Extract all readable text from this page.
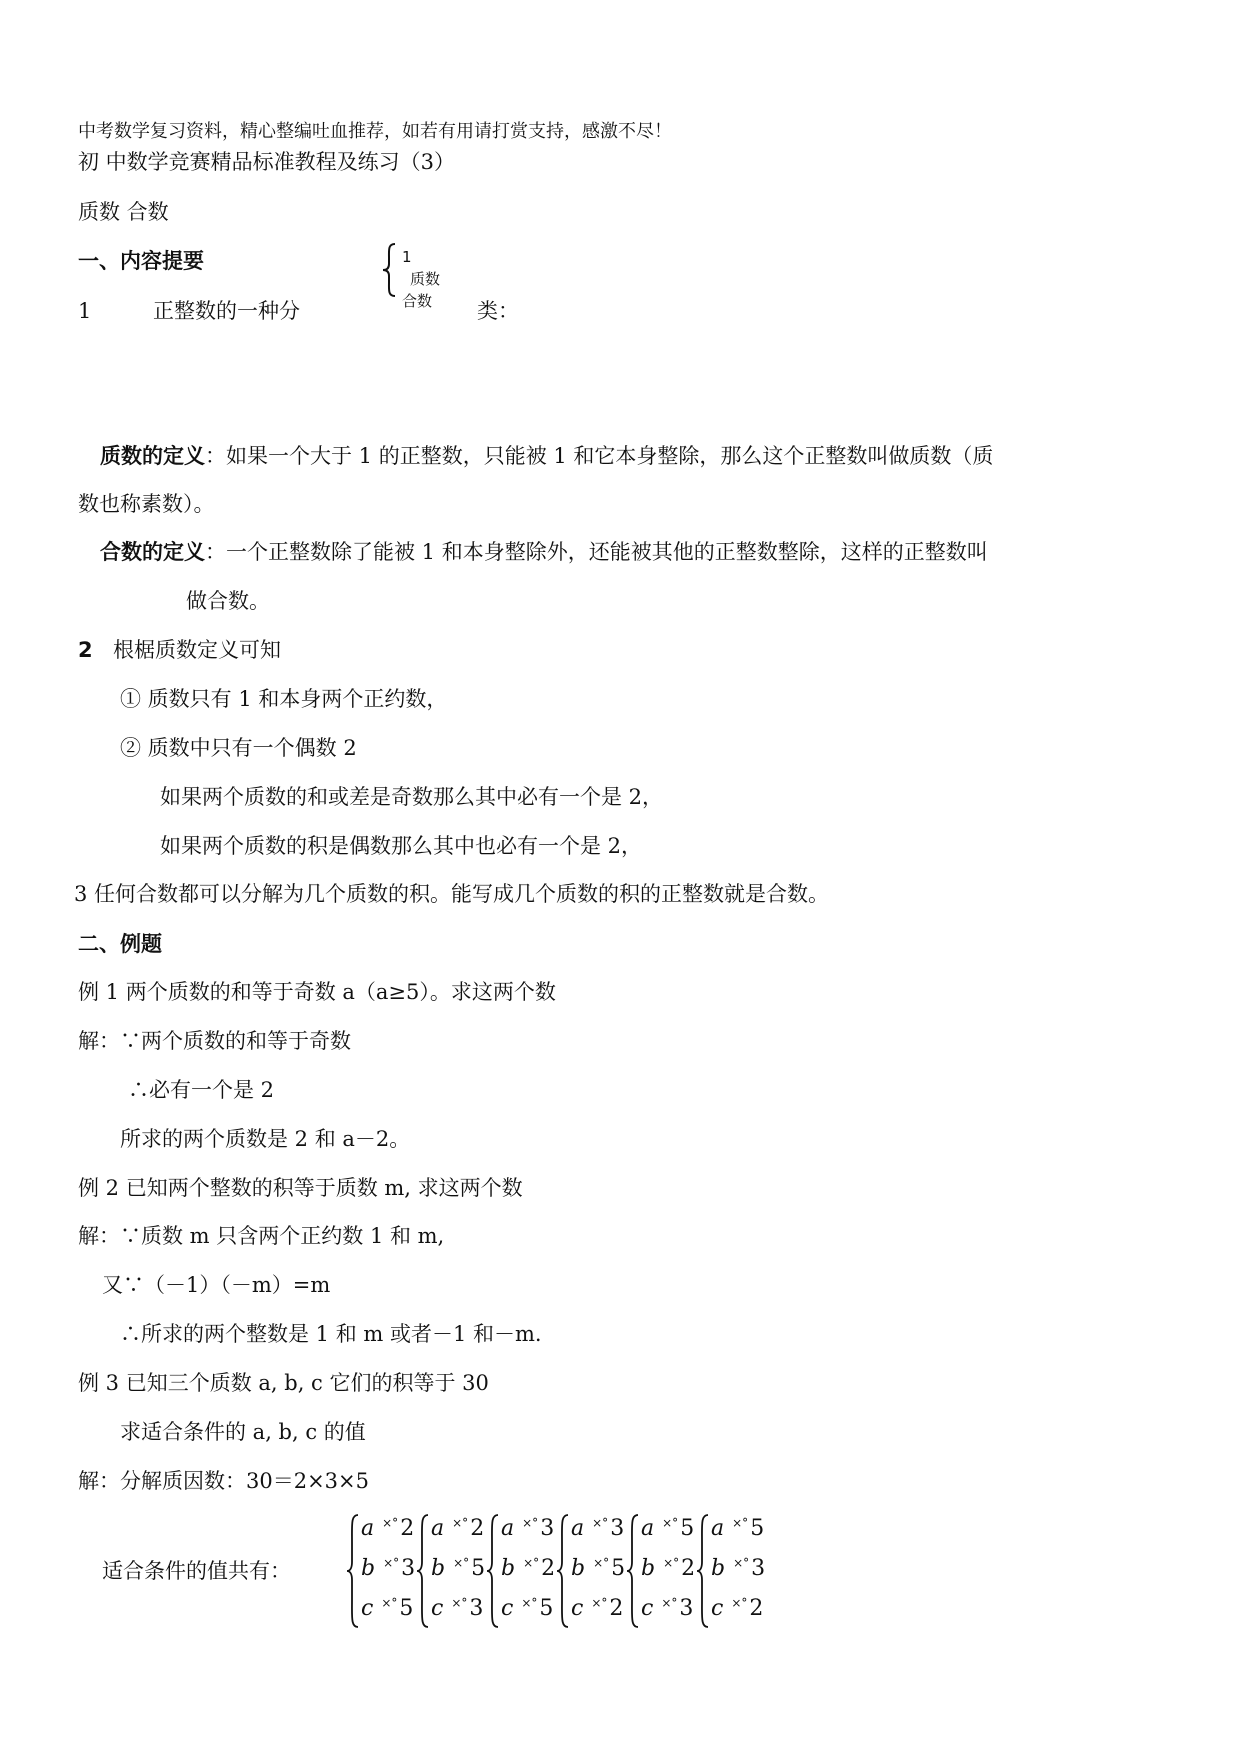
中考数学复习资料，精心整编吐血推荐，如若有用请打赏支持，感激不尽！
初 中数学竞赛精品标准教程及练习（3）
质数 合数
一、内容提要
1	正整数的一种分
1
质数
合数 类：
质数的定义：如果一个大于 1 的正整数，只能被 1 和它本身整除，那么这个正整数叫做质数（质
数也称素数）。
合数的定义：一个正整数除了能被 1 和本身整除外，还能被其他的正整数整除，这样的正整数叫
做合数。
2 根椐质数定义可知
① 质数只有 1 和本身两个正约数，
② 质数中只有一个偶数 2
如果两个质数的和或差是奇数那么其中必有一个是 2，
如果两个质数的积是偶数那么其中也必有一个是 2，
3 任何合数都可以分解为几个质数的积。能写成几个质数的积的正整数就是合数。
二、例题
例 1 两个质数的和等于奇数 a（a≥5）。求这两个数
解：∵两个质数的和等于奇数
∴必有一个是 2
所求的两个质数是 2 和 a－2。
例 2 已知两个整数的积等于质数 m, 求这两个数
解：∵质数 m 只含两个正约数 1 和 m,
又∵（－1）（－m）=m
∴所求的两个整数是 1 和 m 或者－1 和－m.
例 3 已知三个质数 a, b, c 它们的积等于 30
求适合条件的 a, b, c 的值
解：分解质因数：30＝2×3×5
适合条件的值共有：
a ×°2
b ×°3
c ×°5
a ×°2
b ×°5
c ×°3
a ×°3
b ×°2
c ×°5
a ×°3
b ×°5
c ×°2
a ×°5
b ×°2
c ×°3
a ×°5
b ×°3
c ×°2
